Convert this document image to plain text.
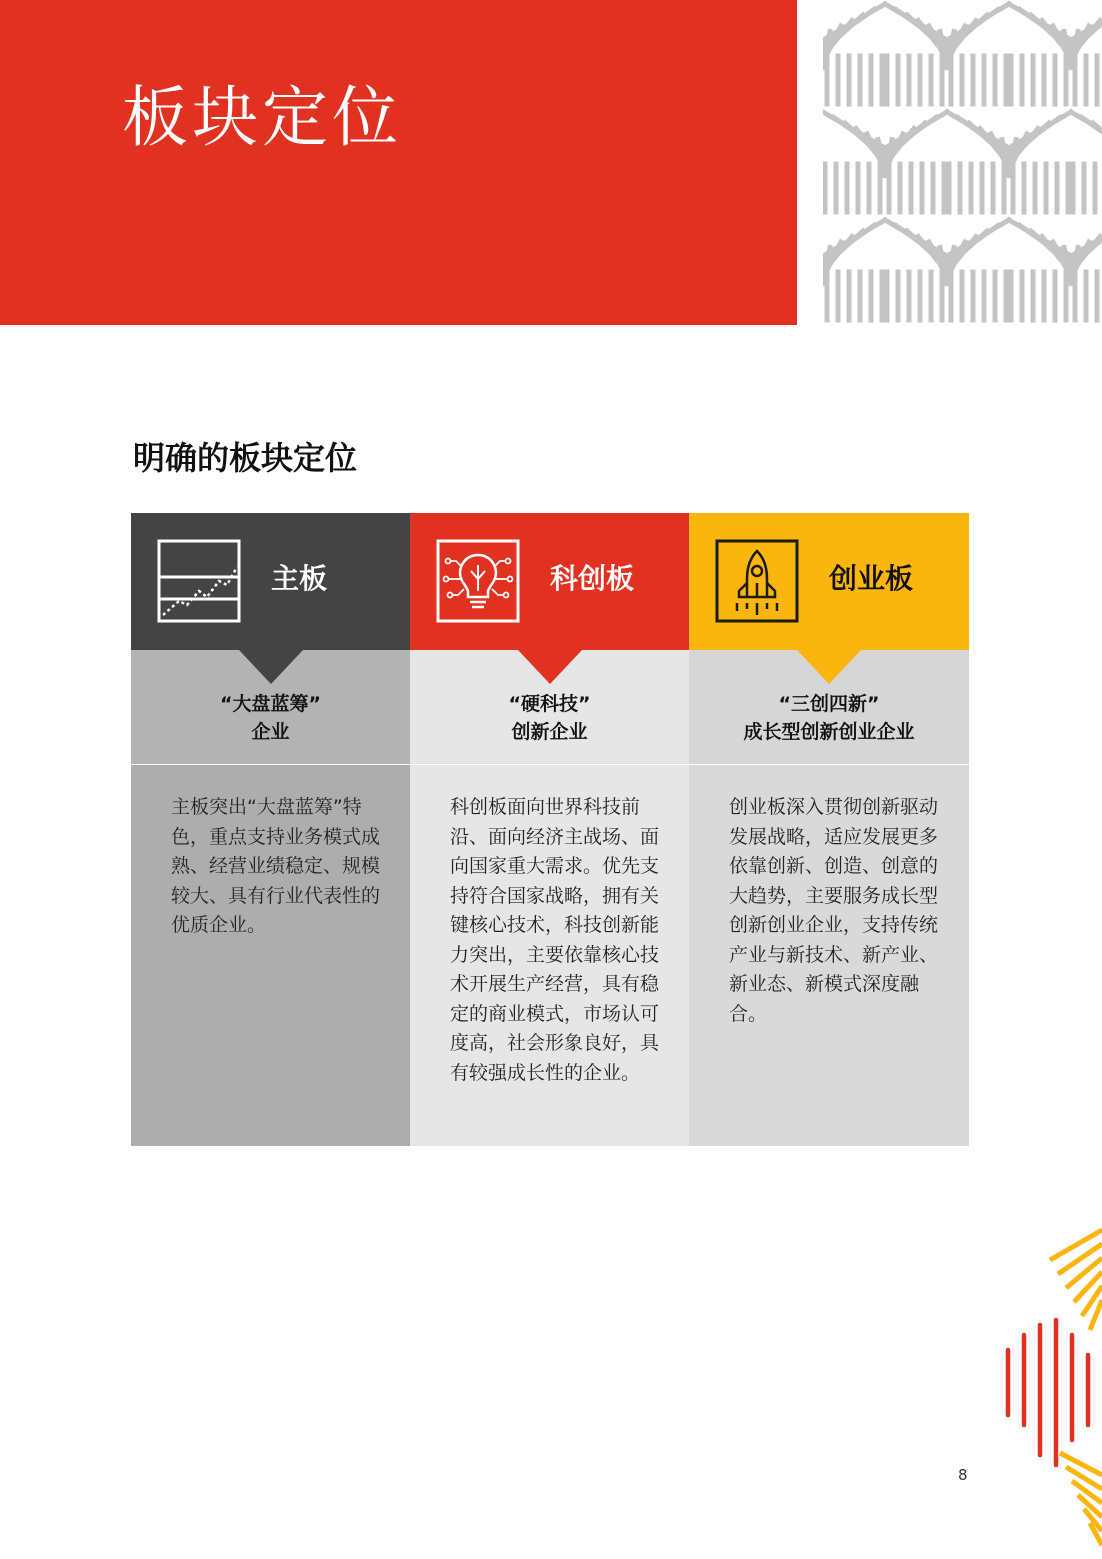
板块定位
明确的板块定位
主板突出“大盘蓝筹”特色，重点支持业务模式成熟、经营业绩稳定、规模较大、具有行业代表性的优质企业。
“大盘蓝筹”
企业
主板
科创板面向世界科技前沿、面向经济主战场、面向国家重大需求。优先支持符合国家战略，拥有关键核心技术，科技创新能力突出，主要依靠核心技术开展生产经营，具有稳定的商业模式，市场认可度高，社会形象良好，具有较强成长性的企业。
“硬科技”
创新企业
科创板
创业板深入贯彻创新驱动发展战略，适应发展更多依靠创新、创造、创意的大趋势，主要服务成长型创新创业企业，支持传统产业与新技术、新产业、新业态、新模式深度融合。
“三创四新”
成长型创新创业企业
创业板
8
